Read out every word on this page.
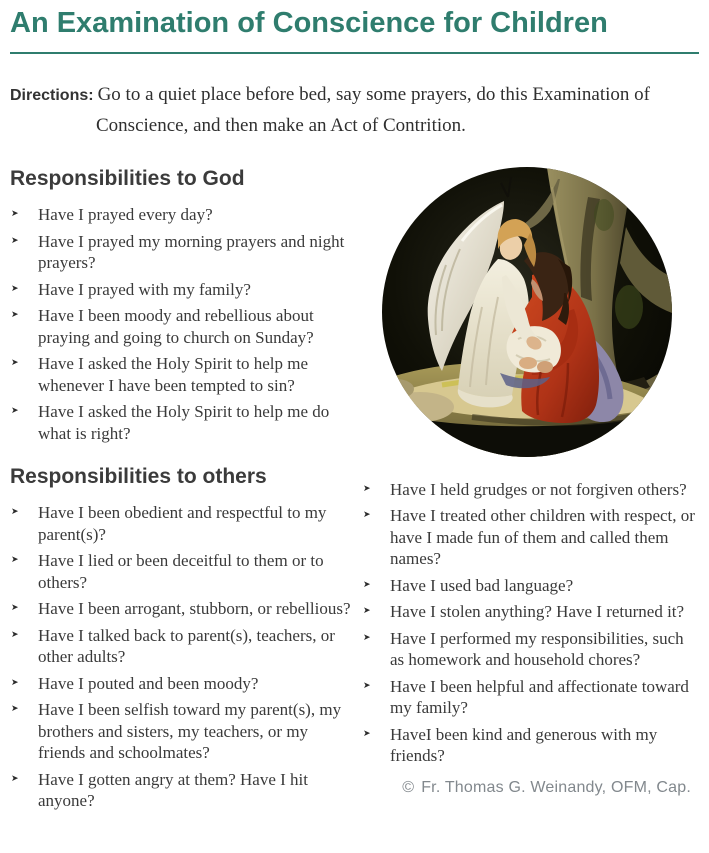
An Examination of Conscience for Children

Directions: Go to a quiet place before bed, say some prayers, do this Examination of Conscience, and then make an Act of Contrition.

Responsibilities to God
➤	Have I prayed every day?
➤	Have I prayed my morning prayers and night prayers?
➤	Have I prayed with my family?
➤	Have I been moody and rebellious about praying and going to church on Sunday?
➤	Have I asked the Holy Spirit to help me whenever I have been tempted to sin?
➤	Have I asked the Holy Spirit to help me do what is right?
Responsibilities to others
➤	Have I been obedient and respectful to my parent(s)?
➤	Have I lied or been deceitful to them or to others?
➤	Have I been arrogant, stubborn, or rebellious?
➤	Have I talked back to parent(s), teachers, or other adults?
➤	Have I pouted and been moody?
➤	Have I been selfish toward my parent(s), my brothers and sisters, my teachers, or my friends and schoolmates?
➤	Have I gotten angry at them? Have I hit anyone?
➤	Have I held grudges or not forgiven others?
➤	Have I treated other children with respect, or have I made fun of them and called them names?
➤	Have I used bad language?
➤	Have I stolen anything? Have I returned it?
➤	Have I performed my responsibilities, such as homework and household chores?
➤	Have I been helpful and affectionate toward my family?
➤	HaveI been kind and generous with my friends?
© Fr. Thomas G. Weinandy, OFM, Cap.
